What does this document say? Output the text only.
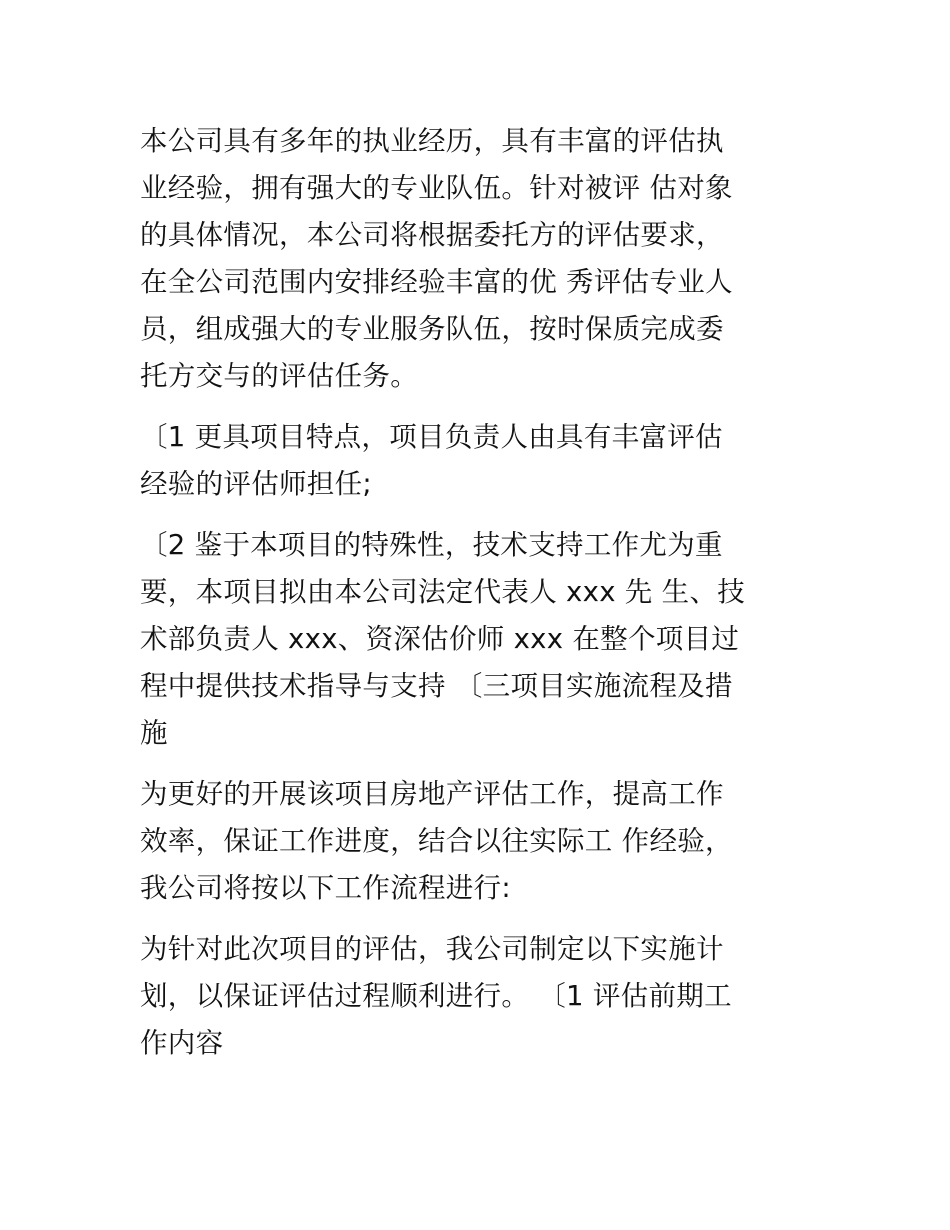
本公司具有多年的执业经历，具有丰富的评估执
业经验，拥有强大的专业队伍。针对被评 估对象
的具体情况，本公司将根据委托方的评估要求，
在全公司范围内安排经验丰富的优 秀评估专业人
员，组成强大的专业服务队伍，按时保质完成委
托方交与的评估任务。

〔1 更具项目特点，项目负责人由具有丰富评估
经验的评估师担任;

〔2 鉴于本项目的特殊性，技术支持工作尤为重
要，本项目拟由本公司法定代表人 xxx 先 生、技
术部负责人 xxx、资深估价师 xxx 在整个项目过
程中提供技术指导与支持 〔三项目实施流程及措
施

为更好的开展该项目房地产评估工作，提高工作
效率，保证工作进度，结合以往实际工 作经验，
我公司将按以下工作流程进行:

为针对此次项目的评估，我公司制定以下实施计
划，以保证评估过程顺利进行。 〔1 评估前期工
作内容
